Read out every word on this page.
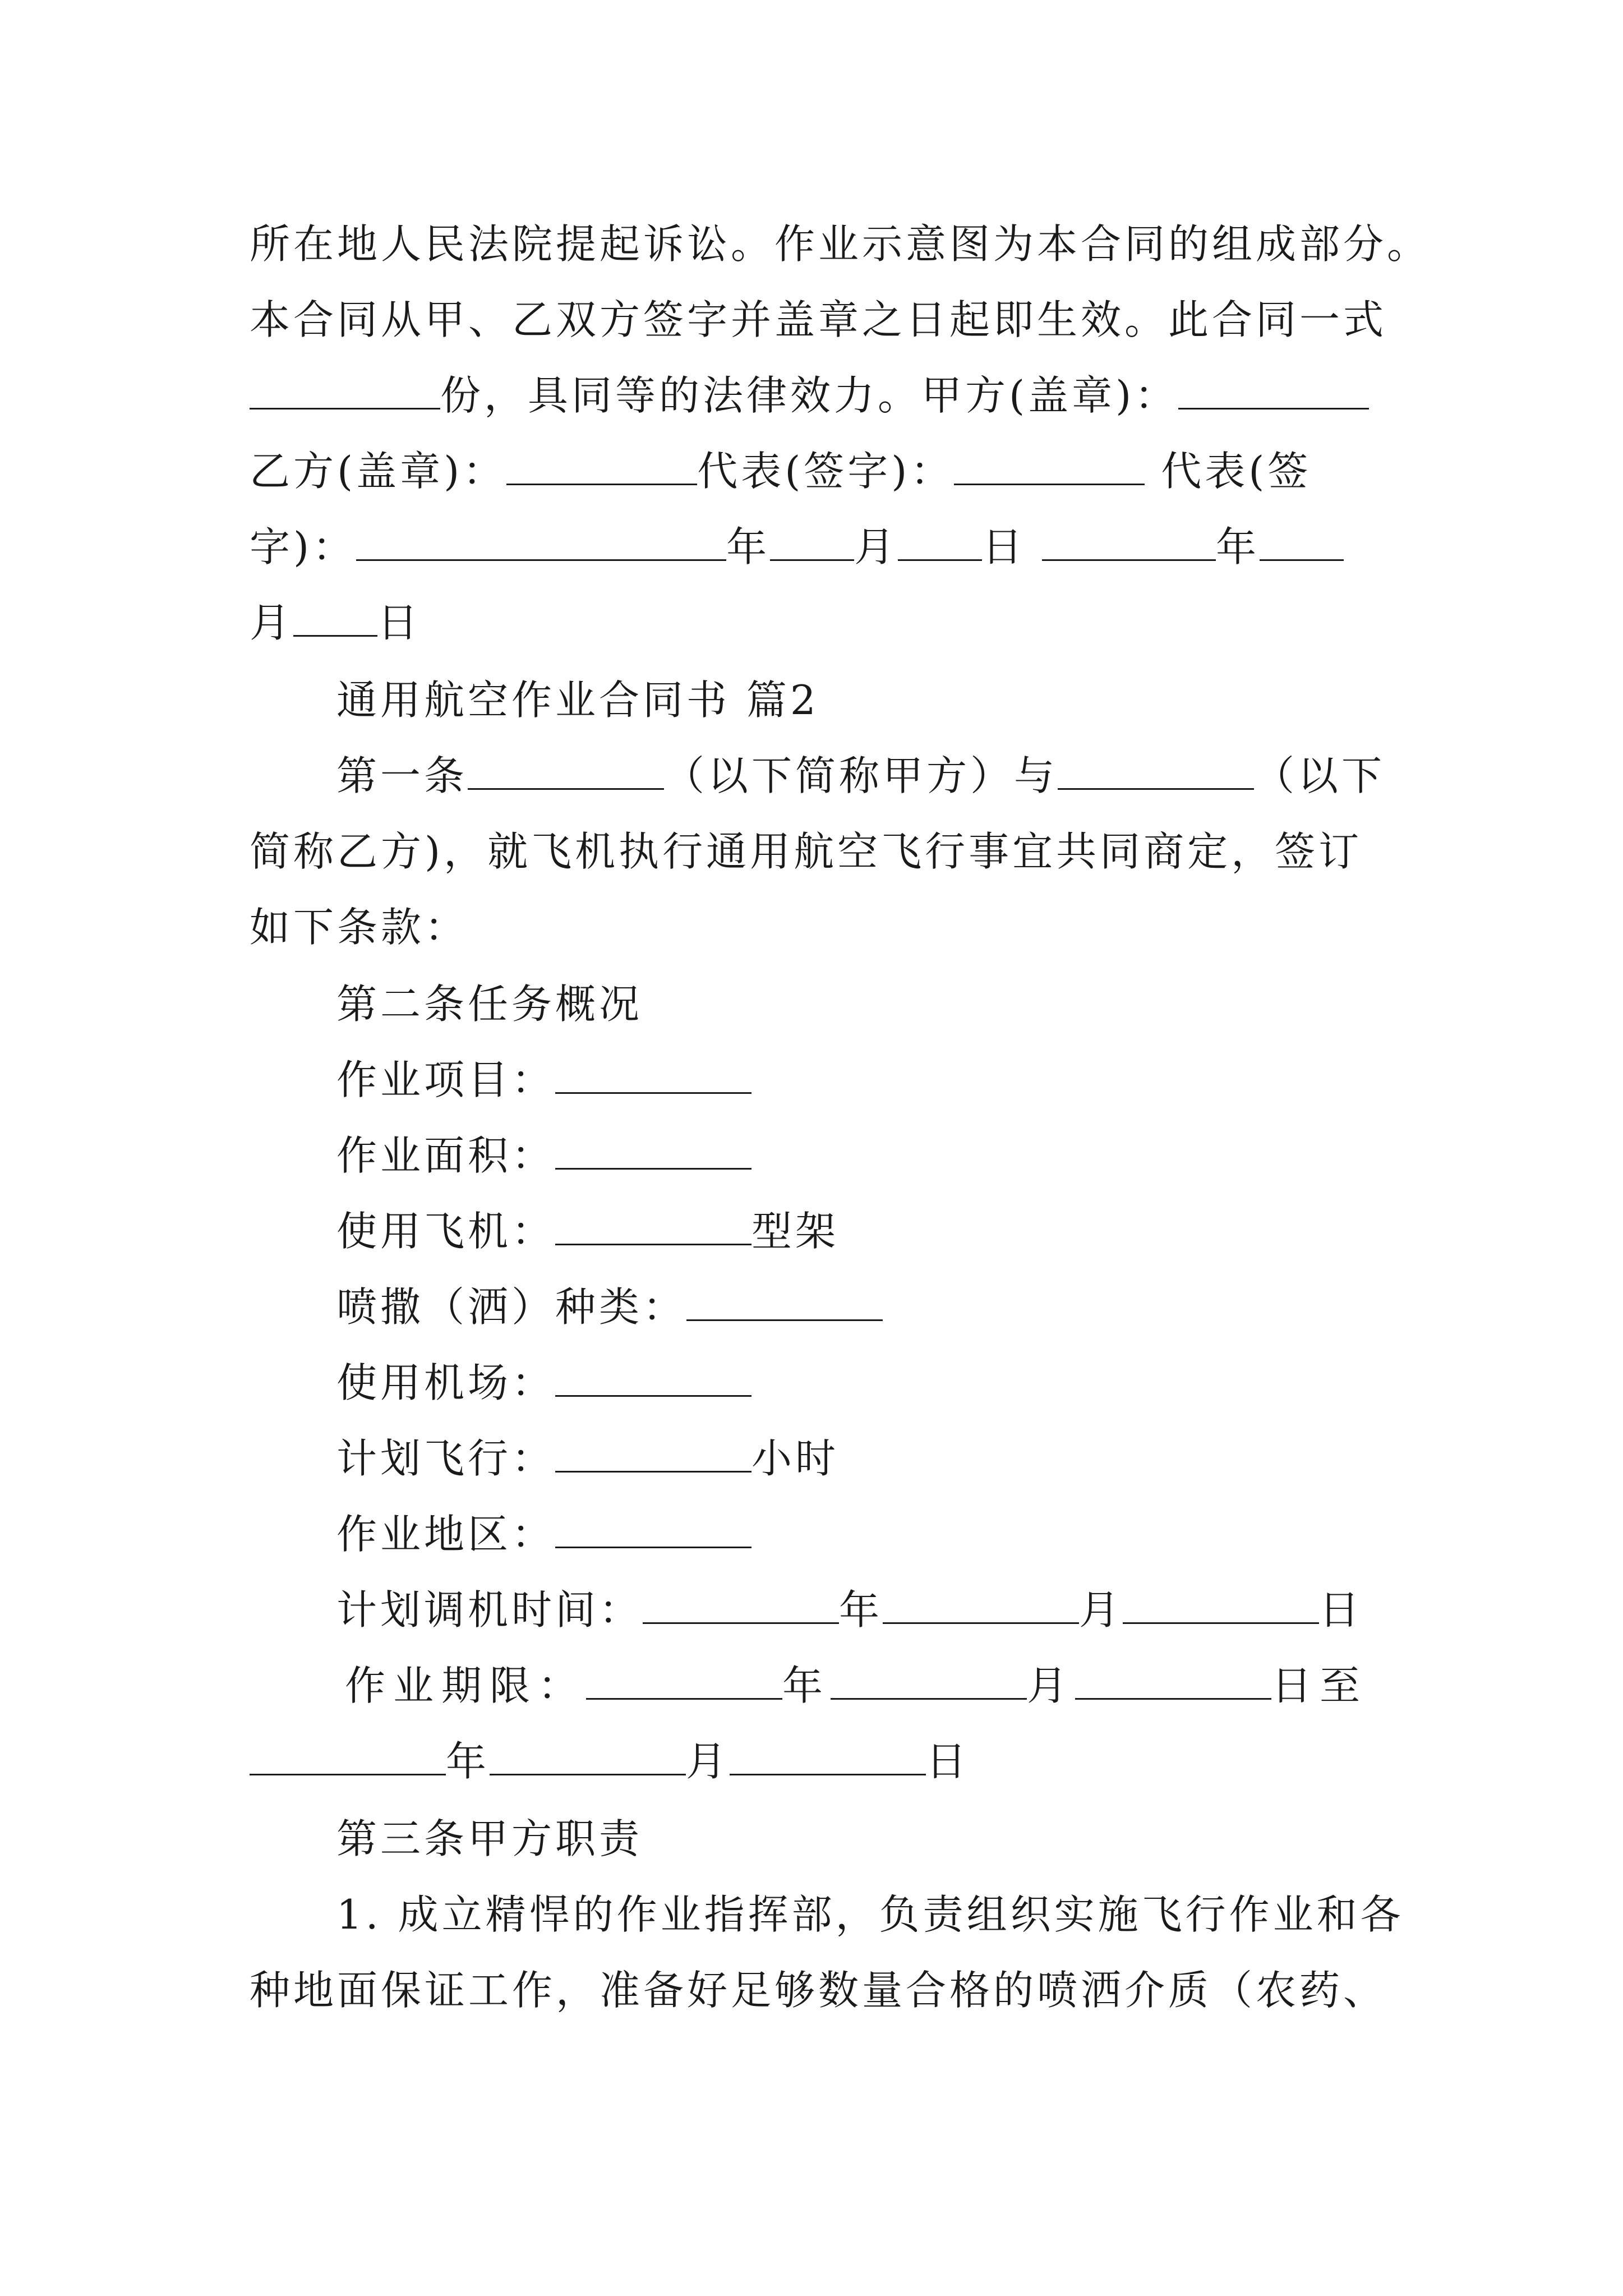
所在地人民法院提起诉讼。作业示意图为本合同的组成部分。
本合同从甲、乙双方签字并盖章之日起即生效。此合同一式
份，具同等的法律效力。甲方(盖章)：
乙方(盖章)：	代表(签字)：	代表(签
字)：	年 月 日	年
月 日
通用航空作业合同书 篇2
第一条	（以下简称甲方）与	（以下
简称乙方)，就飞机执行通用航空飞行事宜共同商定，签订
如下条款：
第二条任务概况
作业项目：
作业面积：
使用飞机：	型架
喷撒（洒）种类：
使用机场：
计划飞行：	小时
作业地区：
计划调机时间：	年	月	日
作业期限：	年	月	日至
年	月	日
第三条甲方职责
1. 成立精悍的作业指挥部，负责组织实施飞行作业和各
种地面保证工作，准备好足够数量合格的喷洒介质（农药、
